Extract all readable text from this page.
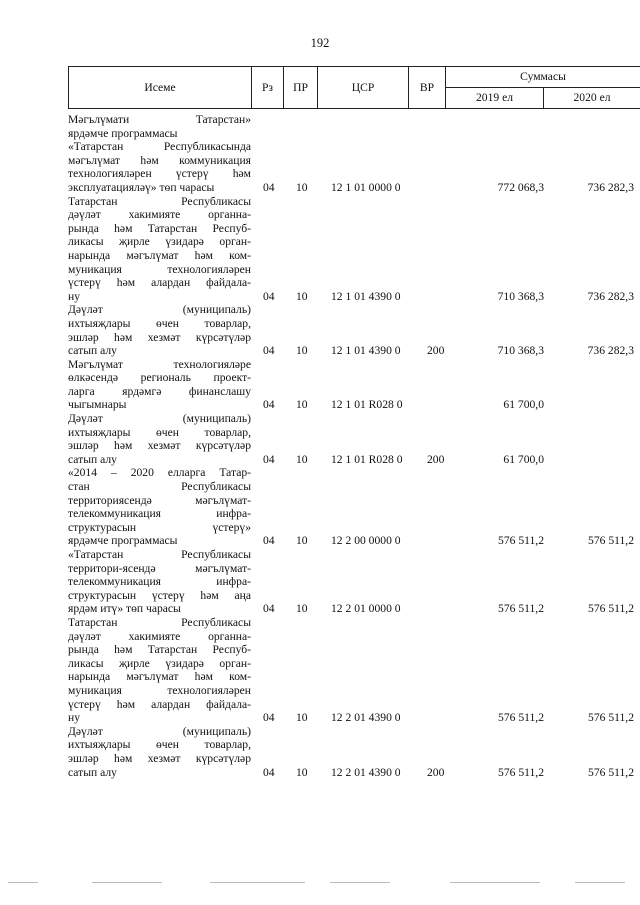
192
Исеме	Рз	ПР	ЦСР	ВР	Суммасы	
					2019 ел	2020 ел
Мәгълүмати Татарстан»
ярдәмче программасы
«Татарстан Республикасында
мәгълүмат һәм коммуникация
технологияләрен үстерү һәм
эксплуатацияләү» төп чарасы	04 10 12 1 01 0000 0	772 068,3	736 282,3
Татарстан Республикасы
дәүләт хакимияте органна-
рында һәм Татарстан Респуб-
ликасы җирле үзидарә орган-
нарында мәгълүмат һәм ком-
муникация технологияләрен
үстерү һәм алардан файдала-
ну	04 10 12 1 01 4390 0	710 368,3	736 282,3
Дәүләт (муниципаль)
ихтыяҗлары өчен товарлар,
эшләр һәм хезмәт күрсәтүләр
сатып алу	04 10 12 1 01 4390 0 200	710 368,3	736 282,3
Мәгълүмат технологияләре
өлкәсендә региональ проект-
ларга ярдәмгә финанслашу
чыгымнары	04 10 12 1 01 R028 0	61 700,0
Дәүләт (муниципаль)
ихтыяҗлары өчен товарлар,
эшләр һәм хезмәт күрсәтүләр
сатып алу	04 10 12 1 01 R028 0 200	61 700,0
«2014 – 2020 елларга Татар-
стан Республикасы
территориясендә мәгълүмат-
телекоммуникация инфра-
структурасын үстерү»
ярдәмче программасы	04 10 12 2 00 0000 0	576 511,2	576 511,2
«Татарстан Республикасы
территори-ясендә мәгълүмат-
телекоммуникация инфра-
структурасын үстерү һәм аңа
ярдәм итү» төп чарасы	04 10 12 2 01 0000 0	576 511,2	576 511,2
Татарстан Республикасы
дәүләт хакимияте органна-
рында һәм Татарстан Респуб-
ликасы җирле үзидарә орган-
нарында мәгълүмат һәм ком-
муникация технологияләрен
үстерү һәм алардан файдала-
ну	04 10 12 2 01 4390 0	576 511,2	576 511,2
Дәүләт (муниципаль)
ихтыяҗлары өчен товарлар,
эшләр һәм хезмәт күрсәтүләр
сатып алу	04 10 12 2 01 4390 0 200	576 511,2	576 511,2
